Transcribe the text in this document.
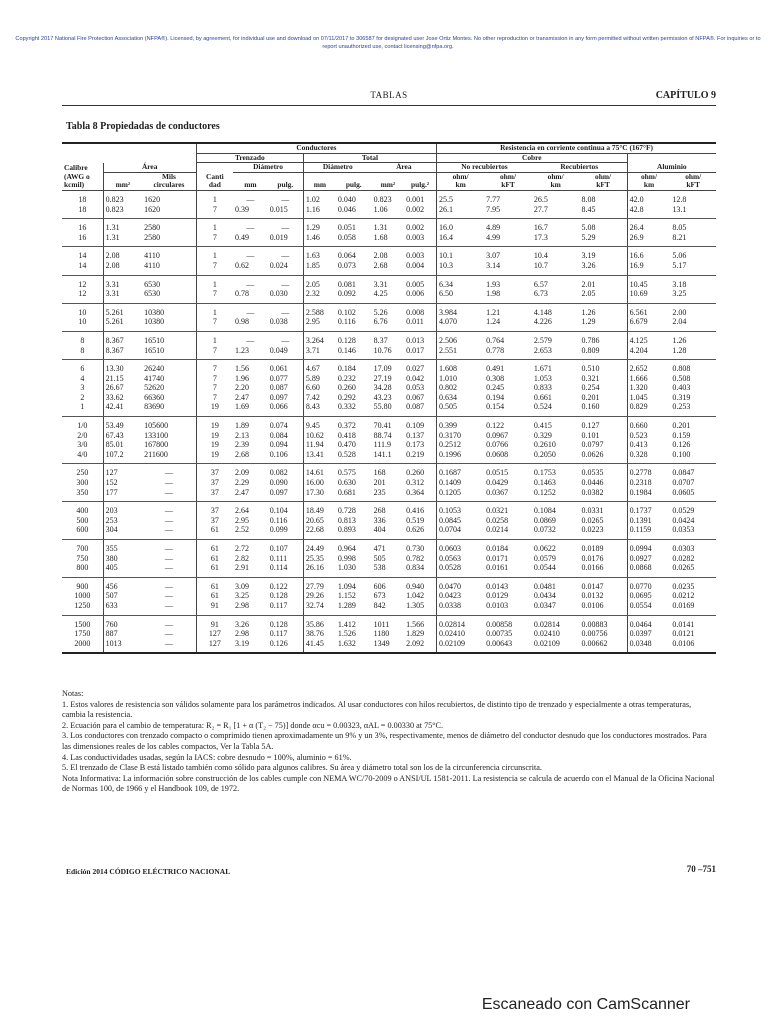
Copyright 2017 National Fire Protection Association (NFPA®). Licensed, by agreement, for individual use and download on 07/11/2017 to 306587 for designated user Jose Ortiz Montes. No other reproduction or transmission in any form permitted without written permission of NFPA®. For inquiries or to report unauthorized use, contact licensing@nfpa.org.
TABLAS	CAPÍTULO 9
Tabla 8 Propiedadas de conductores
			Conductores							Resistencia en corriente continua a 75°C (167°F)					
			Trenzado			Total				Cobre					
Calibre	Área			Diámetro		Diámetro		Área		No recubiertos		Recubiertos		Aluminio	
(AWG o		Mils	Canti							ohm/	ohm/	ohm/	ohm/	ohm/	ohm/
kcmil)	mm²	circulares	dad	mm	pulg.	mm	pulg.	mm²	pulg.²	km	kFT	km	kFT	km	kFT
18	0.823	1620	1	—	—	1.02	0.040	0.823	0.001	25.5	7.77	26.5	8.08	42.0	12.8
18	0.823	1620	7	0.39	0.015	1.16	0.046	1.06	0.002	26.1	7.95	27.7	8.45	42.8	13.1
16	1.31	2580	1	—	—	1.29	0.051	1.31	0.002	16.0	4.89	16.7	5.08	26.4	8.05
16	1.31	2580	7	0.49	0.019	1.46	0.058	1.68	0.003	16.4	4.99	17.3	5.29	26.9	8.21
14	2.08	4110	1	—	—	1.63	0.064	2.08	0.003	10.1	3.07	10.4	3.19	16.6	5.06
14	2.08	4110	7	0.62	0.024	1.85	0.073	2.68	0.004	10.3	3.14	10.7	3.26	16.9	5.17
12	3.31	6530	1	—	—	2.05	0.081	3.31	0.005	6.34	1.93	6.57	2.01	10.45	3.18
12	3.31	6530	7	0.78	0.030	2.32	0.092	4.25	0.006	6.50	1.98	6.73	2.05	10.69	3.25
10	5.261	10380	1	—	—	2.588	0.102	5.26	0.008	3.984	1.21	4.148	1.26	6.561	2.00
10	5.261	10380	7	0.98	0.038	2.95	0.116	6.76	0.011	4.070	1.24	4.226	1.29	6.679	2.04
8	8.367	16510	1	—	—	3.264	0.128	8.37	0.013	2.506	0.764	2.579	0.786	4.125	1.26
8	8.367	16510	7	1.23	0.049	3.71	0.146	10.76	0.017	2.551	0.778	2.653	0.809	4.204	1.28
6	13.30	26240	7	1.56	0.061	4.67	0.184	17.09	0.027	1.608	0.491	1.671	0.510	2.652	0.808
4	21.15	41740	7	1.96	0.077	5.89	0.232	27.19	0.042	1.010	0.308	1.053	0.321	1.666	0.508
3	26.67	52620	7	2.20	0.087	6.60	0.260	34.28	0.053	0.802	0.245	0.833	0.254	1.320	0.403
2	33.62	66360	7	2.47	0.097	7.42	0.292	43.23	0.067	0.634	0.194	0.661	0.201	1.045	0.319
1	42.41	83690	19	1.69	0.066	8.43	0.332	55.80	0.087	0.505	0.154	0.524	0.160	0.829	0.253
1/0	53.49	105600	19	1.89	0.074	9.45	0.372	70.41	0.109	0.399	0.122	0.415	0.127	0.660	0.201
2/0	67.43	133100	19	2.13	0.084	10.62	0.418	88.74	0.137	0.3170	0.0967	0.329	0.101	0.523	0.159
3/0	85.01	167800	19	2.39	0.094	11.94	0.470	111.9	0.173	0.2512	0.0766	0.2610	0.0797	0.413	0.126
4/0	107.2	211600	19	2.68	0.106	13.41	0.528	141.1	0.219	0.1996	0.0608	0.2050	0.0626	0.328	0.100
250	127	—	37	2.09	0.082	14.61	0.575	168	0.260	0.1687	0.0515	0.1753	0.0535	0.2778	0.0847
300	152	—	37	2.29	0.090	16.00	0.630	201	0.312	0.1409	0.0429	0.1463	0.0446	0.2318	0.0707
350	177	—	37	2.47	0.097	17.30	0.681	235	0.364	0.1205	0.0367	0.1252	0.0382	0.1984	0.0605
400	203	—	37	2.64	0.104	18.49	0.728	268	0.416	0.1053	0.0321	0.1084	0.0331	0.1737	0.0529
500	253	—	37	2.95	0.116	20.65	0.813	336	0.519	0.0845	0.0258	0.0869	0.0265	0.1391	0.0424
600	304	—	61	2.52	0.099	22.68	0.893	404	0.626	0.0704	0.0214	0.0732	0.0223	0.1159	0.0353
700	355	—	61	2.72	0.107	24.49	0.964	471	0.730	0.0603	0.0184	0.0622	0.0189	0.0994	0.0303
750	380	—	61	2.82	0.111	25.35	0.998	505	0.782	0.0563	0.0171	0.0579	0.0176	0.0927	0.0282
800	405	—	61	2.91	0.114	26.16	1.030	538	0.834	0.0528	0.0161	0.0544	0.0166	0.0868	0.0265
900	456	—	61	3.09	0.122	27.79	1.094	606	0.940	0.0470	0.0143	0.0481	0.0147	0.0770	0.0235
1000	507	—	61	3.25	0.128	29.26	1.152	673	1.042	0.0423	0.0129	0.0434	0.0132	0.0695	0.0212
1250	633	—	91	2.98	0.117	32.74	1.289	842	1.305	0.0338	0.0103	0.0347	0.0106	0.0554	0.0169
1500	760	—	91	3.26	0.128	35.86	1.412	1011	1.566	0.02814	0.00858	0.02814	0.00883	0.0464	0.0141
1750	887	—	127	2.98	0.117	38.76	1.526	1180	1.829	0.02410	0.00735	0.02410	0.00756	0.0397	0.0121
2000	1013	—	127	3.19	0.126	41.45	1.632	1349	2.092	0.02109	0.00643	0.02109	0.00662	0.0348	0.0106

Notas:

1. Estos valores de resistencia son válidos solamente para los parámetros indicados. Al usar conductores con hilos recubiertos, de distinto tipo de trenzado y especialmente a otras temperaturas, cambia la resistencia.

2. Ecuación para el cambio de temperatura: R₂ = R₁ [1 + α (T₂ − 75)] donde αcu = 0.00323, αAL = 0.00330 at 75°C.

3. Los conductores con trenzado compacto o comprimido tienen aproximadamente un 9% y un 3%, respectivamente, menos de diámetro del conductor desnudo que los conductores mostrados. Para las dimensiones reales de los cables compactos, Ver la Tabla 5A.

4. Las conductividades usadas, según la IACS: cobre desnudo = 100%, aluminio = 61%.

5. El trenzado de Clase B está listado también como sólido para algunos calibres. Su área y diámetro total son los de la circunferencia circunscrita.

Nota Informativa: La información sobre construcción de los cables cumple con NEMA WC/70-2009 o ANSI/UL 1581-2011. La resistencia se calcula de acuerdo con el Manual de la Oficina Nacional de Normas 100, de 1966 y el Handbook 109, de 1972.

Edición 2014 CÓDIGO ELÉCTRICO NACIONAL	70 –751
Escaneado con CamScanner
